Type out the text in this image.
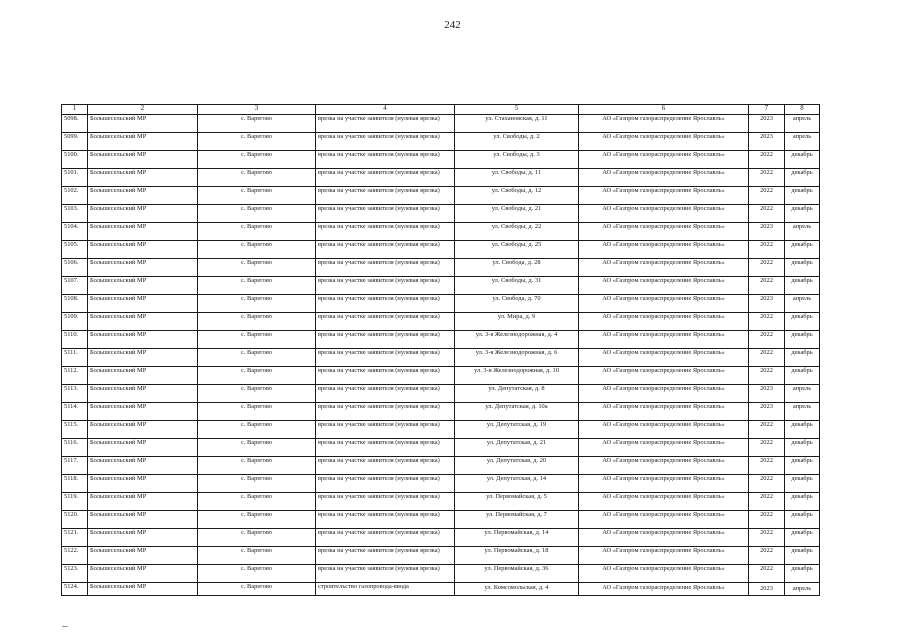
242
1	2	3	4	5	6	7	8
5098.	Большесельский МР	с. Варегово	врезка на участке заявителя (нулевая врезка)	ул. Стахановская, д. 11	АО «Газпром газораспределение Ярославль»	2023	апрель
5099.	Большесельский МР	с. Варегово	врезка на участке заявителя (нулевая врезка)	ул. Свободы, д. 2	АО «Газпром газораспределение Ярославль»	2023	апрель
5100.	Большесельский МР	с. Варегово	врезка на участке заявителя (нулевая врезка)	ул. Свободы, д. 3	АО «Газпром газораспределение Ярославль»	2022	декабрь
5101.	Большесельский МР	с. Варегово	врезка на участке заявителя (нулевая врезка)	ул. Свободы, д. 11	АО «Газпром газораспределение Ярославль»	2022	декабрь
5102.	Большесельский МР	с. Варегово	врезка на участке заявителя (нулевая врезка)	ул. Свободы, д. 12	АО «Газпром газораспределение Ярославль»	2022	декабрь
5103.	Большесельский МР	с. Варегово	врезка на участке заявителя (нулевая врезка)	ул. Свободы, д. 21	АО «Газпром газораспределение Ярославль»	2022	декабрь
5104.	Большесельский МР	с. Варегово	врезка на участке заявителя (нулевая врезка)	ул. Свободы, д. 22	АО «Газпром газораспределение Ярославль»	2023	апрель
5105.	Большесельский МР	с. Варегово	врезка на участке заявителя (нулевая врезка)	ул. Свободы, д. 25	АО «Газпром газораспределение Ярославль»	2022	декабрь
5106.	Большесельский МР	с. Варегово	врезка на участке заявителя (нулевая врезка)	ул. Свобода, д. 28	АО «Газпром газораспределение Ярославль»	2022	декабрь
5107.	Большесельский МР	с. Варегово	врезка на участке заявителя (нулевая врезка)	ул. Свободы, д. 31	АО «Газпром газораспределение Ярославль»	2022	декабрь
5108.	Большесельский МР	с. Варегово	врезка на участке заявителя (нулевая врезка)	ул. Свобода, д. 70	АО «Газпром газораспределение Ярославль»	2023	апрель
5109.	Большесельский МР	с. Варегово	врезка на участке заявителя (нулевая врезка)	ул. Мира, д. 9	АО «Газпром газораспределение Ярославль»	2022	декабрь
5110.	Большесельский МР	с. Варегово	врезка на участке заявителя (нулевая врезка)	ул. 3-я Железнодорожная, д. 4	АО «Газпром газораспределение Ярославль»	2022	декабрь
5111.	Большесельский МР	с. Варегово	врезка на участке заявителя (нулевая врезка)	ул. 3-я Железнодорожная, д. 6	АО «Газпром газораспределение Ярославль»	2022	декабрь
5112.	Большесельский МР	с. Варегово	врезка на участке заявителя (нулевая врезка)	ул. 3-я Железнодорожная, д. 10	АО «Газпром газораспределение Ярославль»	2022	декабрь
5113.	Большесельский МР	с. Варегово	врезка на участке заявителя (нулевая врезка)	ул. Депутатская, д. 8	АО «Газпром газораспределение Ярославль»	2023	апрель
5114.	Большесельский МР	с. Варегово	врезка на участке заявителя (нулевая врезка)	ул. Депутатская, д. 10а	АО «Газпром газораспределение Ярославль»	2023	апрель
5115.	Большесельский МР	с. Варегово	врезка на участке заявителя (нулевая врезка)	ул. Депутатская, д. 19	АО «Газпром газораспределение Ярославль»	2022	декабрь
5116.	Большесельский МР	с. Варегово	врезка на участке заявителя (нулевая врезка)	ул. Депутатская, д. 21	АО «Газпром газораспределение Ярославль»	2022	декабрь
5117.	Большесельский МР	с. Варегово	врезка на участке заявителя (нулевая врезка)	ул. Депутатская, д. 20	АО «Газпром газораспределение Ярославль»	2022	декабрь
5118.	Большесельский МР	с. Варегово	врезка на участке заявителя (нулевая врезка)	ул. Депутатская, д. 14	АО «Газпром газораспределение Ярославль»	2022	декабрь
5119.	Большесельский МР	с. Варегово	врезка на участке заявителя (нулевая врезка)	ул. Первомайская, д. 5	АО «Газпром газораспределение Ярославль»	2022	декабрь
5120.	Большесельский МР	с. Варегово	врезка на участке заявителя (нулевая врезка)	ул. Первомайская, д. 7	АО «Газпром газораспределение Ярославль»	2022	декабрь
5121.	Большесельский МР	с. Варегово	врезка на участке заявителя (нулевая врезка)	ул. Первомайская, д. 14	АО «Газпром газораспределение Ярославль»	2022	декабрь
5122.	Большесельский МР	с. Варегово	врезка на участке заявителя (нулевая врезка)	ул. Первомайская, д. 18	АО «Газпром газораспределение Ярославль»	2022	декабрь
5123.	Большесельский МР	с. Варегово	врезка на участке заявителя (нулевая врезка)	ул. Первомайская, д. 36	АО «Газпром газораспределение Ярославль»	2022	декабрь
5124.	Большесельский МР	с. Варегово	строительство газопровода-ввода	ул. Комсомольская, д. 4	АО «Газпром газораспределение Ярославль»	2023	апрель
